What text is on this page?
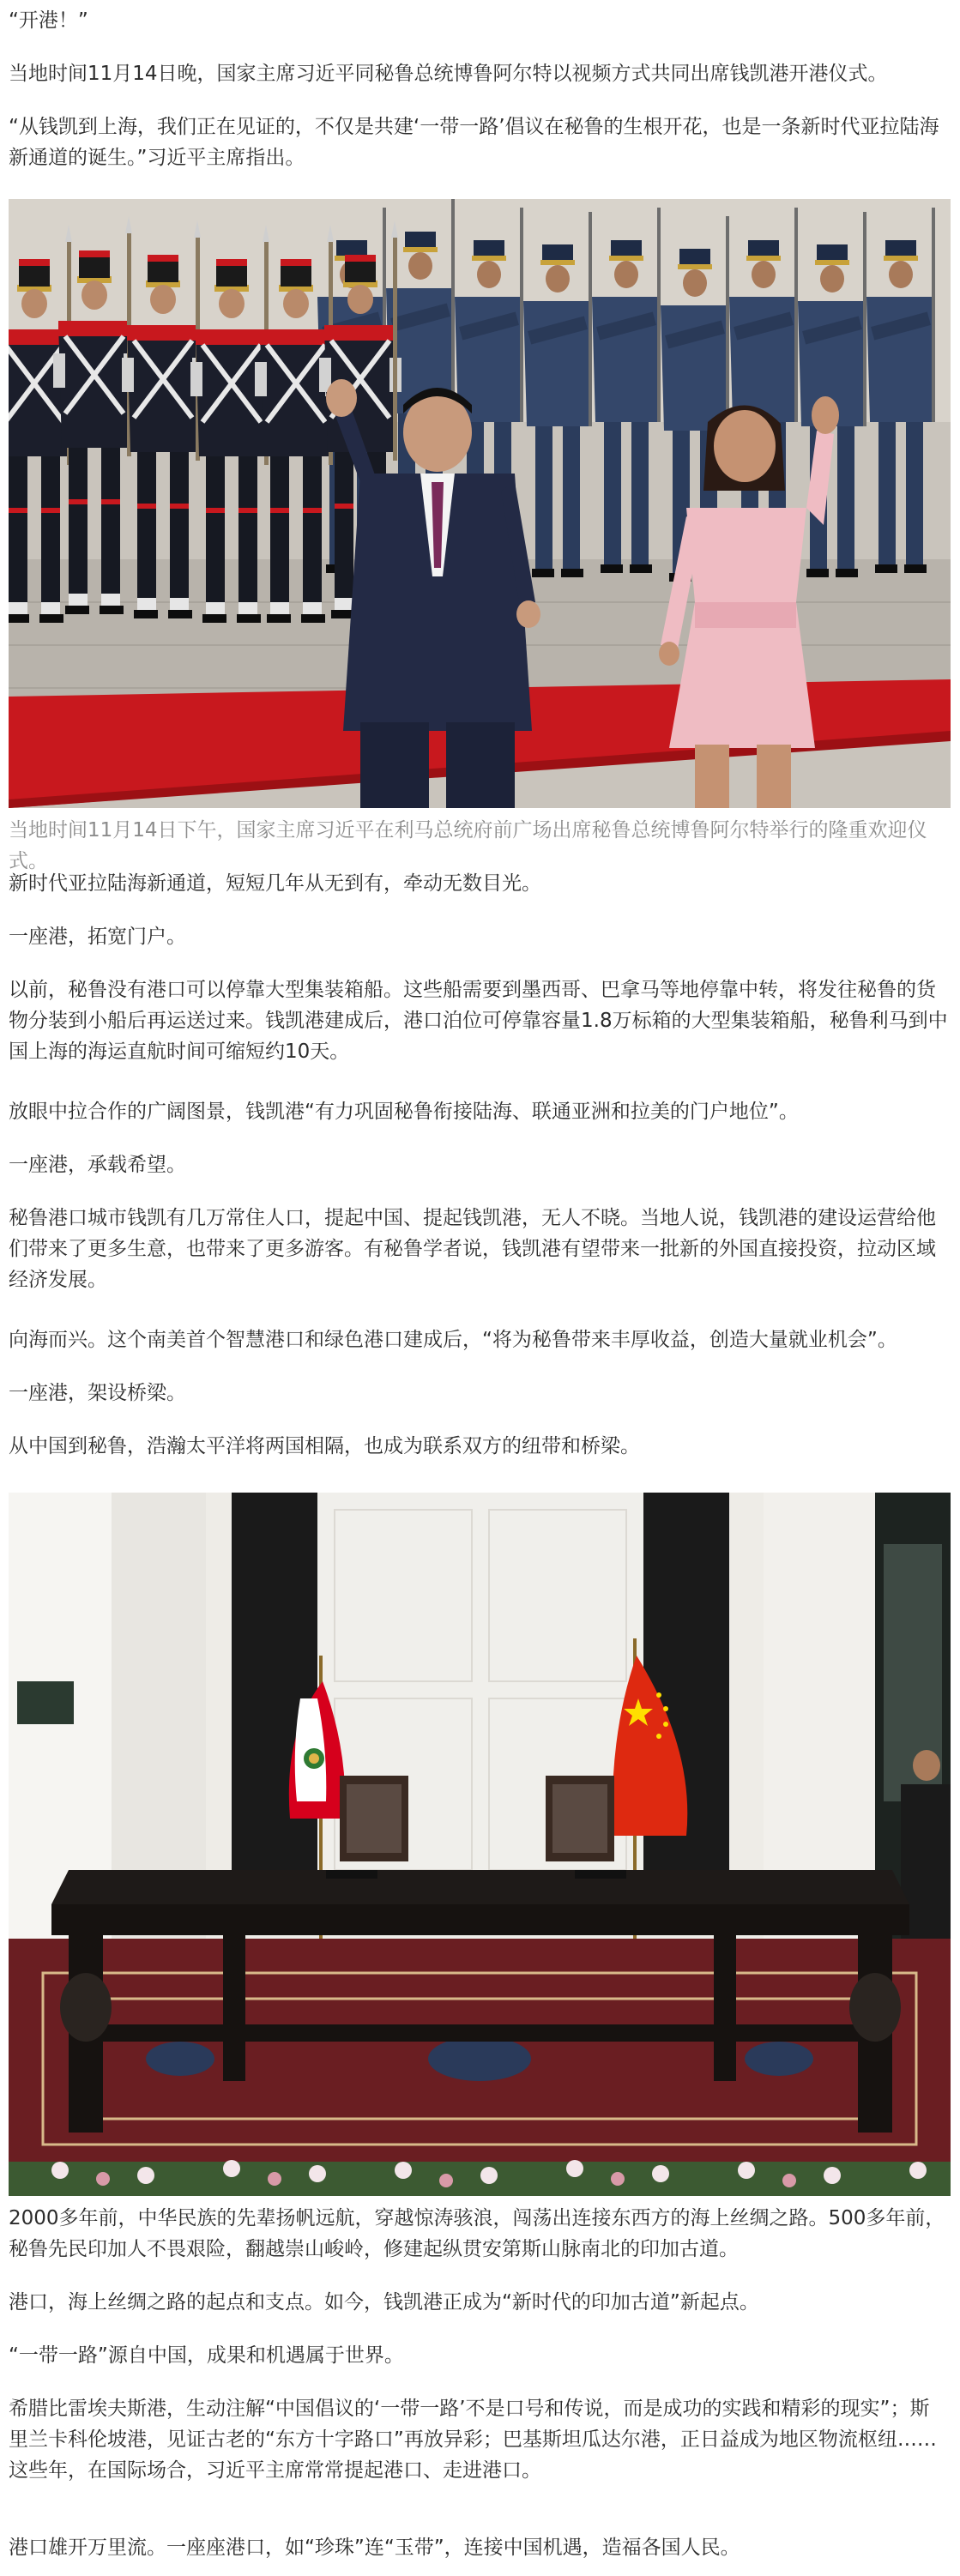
“开港！”

当地时间11月14日晚，国家主席习近平同秘鲁总统博鲁阿尔特以视频方式共同出席钱凯港开港仪式。

“从钱凯到上海，我们正在见证的，不仅是共建‘一带一路’倡议在秘鲁的生根开花，也是一条新时代亚拉陆海新通道的诞生。”习近平主席指出。

当地时间11月14日下午，国家主席习近平在利马总统府前广场出席秘鲁总统博鲁阿尔特举行的隆重欢迎仪式。

新时代亚拉陆海新通道，短短几年从无到有，牵动无数目光。

一座港，拓宽门户。

以前，秘鲁没有港口可以停靠大型集装箱船。这些船需要到墨西哥、巴拿马等地停靠中转，将发往秘鲁的货物分装到小船后再运送过来。钱凯港建成后，港口泊位可停靠容量1.8万标箱的大型集装箱船，秘鲁利马到中国上海的海运直航时间可缩短约10天。

放眼中拉合作的广阔图景，钱凯港“有力巩固秘鲁衔接陆海、联通亚洲和拉美的门户地位”。

一座港，承载希望。

秘鲁港口城市钱凯有几万常住人口，提起中国、提起钱凯港，无人不晓。当地人说，钱凯港的建设运营给他们带来了更多生意，也带来了更多游客。有秘鲁学者说，钱凯港有望带来一批新的外国直接投资，拉动区域经济发展。

向海而兴。这个南美首个智慧港口和绿色港口建成后，“将为秘鲁带来丰厚收益，创造大量就业机会”。

一座港，架设桥梁。

从中国到秘鲁，浩瀚太平洋将两国相隔，也成为联系双方的纽带和桥梁。

2000多年前，中华民族的先辈扬帆远航，穿越惊涛骇浪，闯荡出连接东西方的海上丝绸之路。500多年前，秘鲁先民印加人不畏艰险，翻越崇山峻岭，修建起纵贯安第斯山脉南北的印加古道。

港口，海上丝绸之路的起点和支点。如今，钱凯港正成为“新时代的印加古道”新起点。

“一带一路”源自中国，成果和机遇属于世界。

希腊比雷埃夫斯港，生动注解“中国倡议的‘一带一路’不是口号和传说，而是成功的实践和精彩的现实”；斯里兰卡科伦坡港，见证古老的“东方十字路口”再放异彩；巴基斯坦瓜达尔港，正日益成为地区物流枢纽……这些年，在国际场合，习近平主席常常提起港口、走进港口。

港口雄开万里流。一座座港口，如“珍珠”连“玉带”，连接中国机遇，造福各国人民。
